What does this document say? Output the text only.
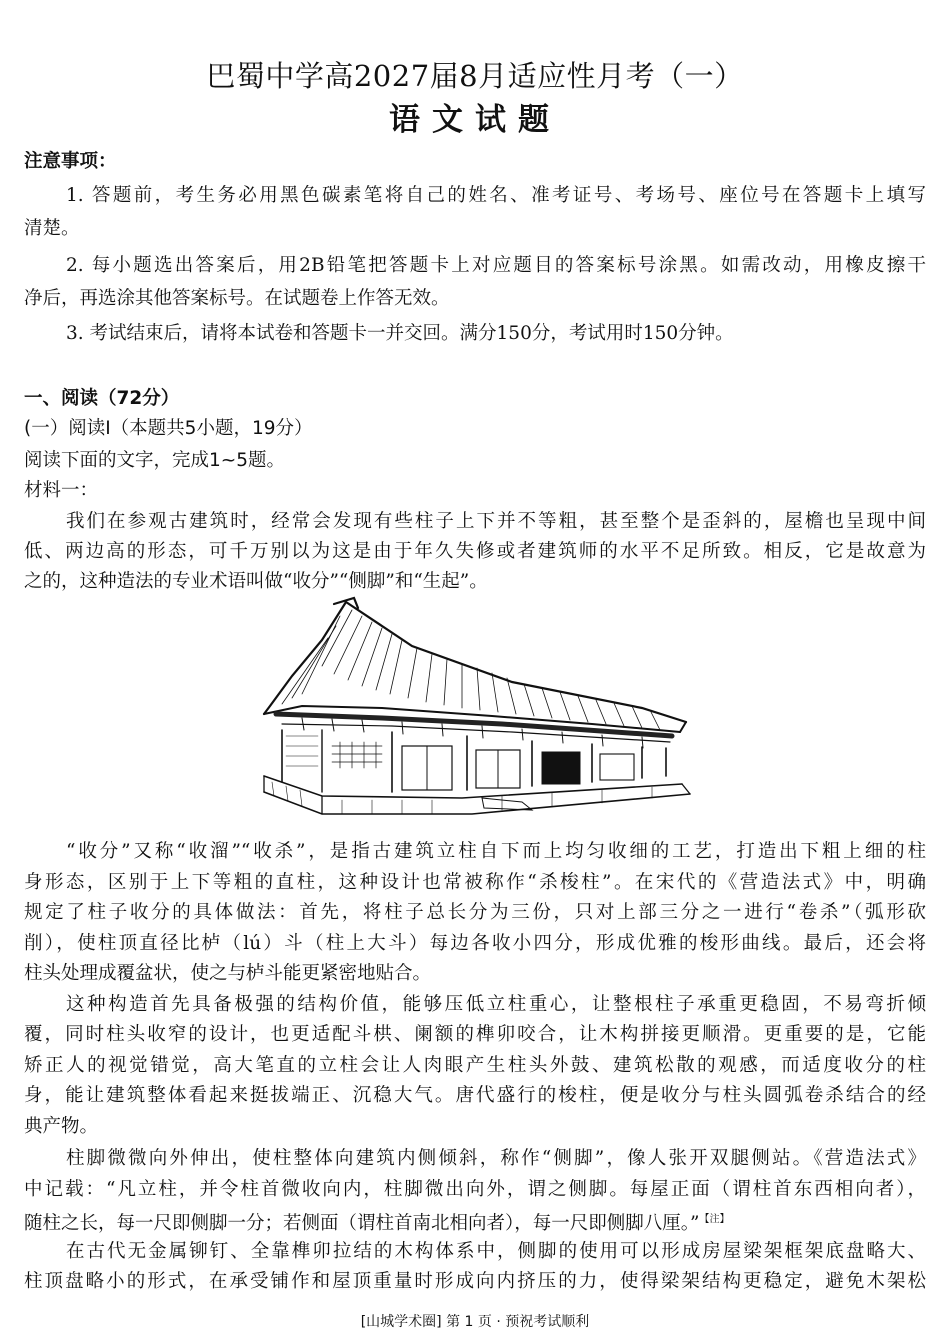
巴蜀中学高2027届8月适应性月考（一）
语文试题
注意事项：
1. 答题前，考生务必用黑色碳素笔将自己的姓名、准考证号、考场号、座位号在答题卡上填写
清楚。
2. 每小题选出答案后，用2B铅笔把答题卡上对应题目的答案标号涂黑。如需改动，用橡皮擦干
净后，再选涂其他答案标号。在试题卷上作答无效。
3. 考试结束后，请将本试卷和答题卡一并交回。满分150分，考试用时150分钟。
一、阅读（72分）
(一）阅读Ⅰ（本题共5小题，19分）
阅读下面的文字，完成1~5题。
材料一：
我们在参观古建筑时，经常会发现有些柱子上下并不等粗，甚至整个是歪斜的，屋檐也呈现中间
低、两边高的形态，可千万别以为这是由于年久失修或者建筑师的水平不足所致。相反，它是故意为
之的，这种造法的专业术语叫做“收分”“侧脚”和“生起”。
“收分”又称“收溜”“收杀”，是指古建筑立柱自下而上均匀收细的工艺，打造出下粗上细的柱
身形态，区别于上下等粗的直柱，这种设计也常被称作“杀梭柱”。在宋代的《营造法式》中，明确
规定了柱子收分的具体做法：首先，将柱子总长分为三份，只对上部三分之一进行“卷杀”（弧形砍
削），使柱顶直径比栌（lú）斗（柱上大斗）每边各收小四分，形成优雅的梭形曲线。最后，还会将
柱头处理成覆盆状，使之与栌斗能更紧密地贴合。
这种构造首先具备极强的结构价值，能够压低立柱重心，让整根柱子承重更稳固，不易弯折倾
覆，同时柱头收窄的设计，也更适配斗栱、阑额的榫卯咬合，让木构拼接更顺滑。更重要的是，它能
矫正人的视觉错觉，高大笔直的立柱会让人肉眼产生柱头外鼓、建筑松散的观感，而适度收分的柱
身，能让建筑整体看起来挺拔端正、沉稳大气。唐代盛行的梭柱，便是收分与柱头圆弧卷杀结合的经
典产物。
柱脚微微向外伸出，使柱整体向建筑内侧倾斜，称作“侧脚”，像人张开双腿侧站。《营造法式》
中记载：“凡立柱，并令柱首微收向内，柱脚微出向外，谓之侧脚。每屋正面（谓柱首东西相向者），
随柱之长，每一尺即侧脚一分；若侧面（谓柱首南北相向者），每一尺即侧脚八厘。”$^{【注】}$
在古代无金属铆钉、全靠榫卯拉结的木构体系中，侧脚的使用可以形成房屋梁架框架底盘略大、
柱顶盘略小的形式，在承受铺作和屋顶重量时形成向内挤压的力，使得梁架结构更稳定，避免木架松
[山城学术圈] 第 1 页 · 预祝考试顺利
